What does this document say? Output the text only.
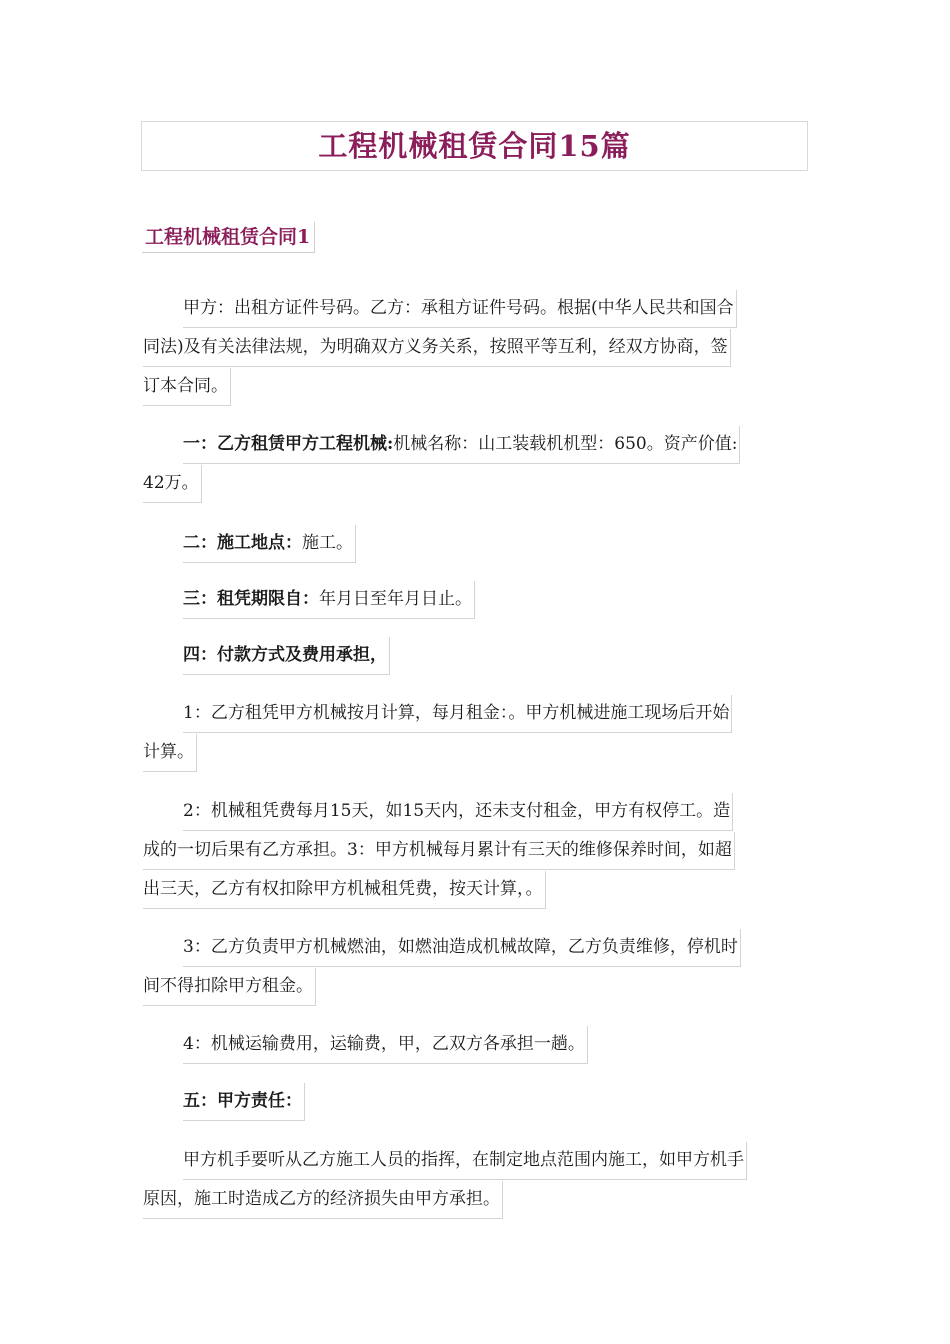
工程机械租赁合同15篇
工程机械租赁合同1
甲方：出租方证件号码。乙方：承租方证件号码。根据(中华人民共和国合
同法)及有关法律法规，为明确双方义务关系，按照平等互利，经双方协商，签
订本合同。
一：乙方租赁甲方工程机械:机械名称：山工装载机机型：650。资产价值:
42万。
二：施工地点：施工。
三：租凭期限自：年月日至年月日止。
四：付款方式及费用承担，
1：乙方租凭甲方机械按月计算，每月租金：。甲方机械进施工现场后开始
计算。
2：机械租凭费每月15天，如15天内，还未支付租金，甲方有权停工。造
成的一切后果有乙方承担。3：甲方机械每月累计有三天的维修保养时间，如超
出三天，乙方有权扣除甲方机械租凭费，按天计算，。
3：乙方负责甲方机械燃油，如燃油造成机械故障，乙方负责维修，停机时
间不得扣除甲方租金。
4：机械运输费用，运输费，甲，乙双方各承担一趟。
五：甲方责任：
甲方机手要听从乙方施工人员的指挥，在制定地点范围内施工，如甲方机手
原因，施工时造成乙方的经济损失由甲方承担。
